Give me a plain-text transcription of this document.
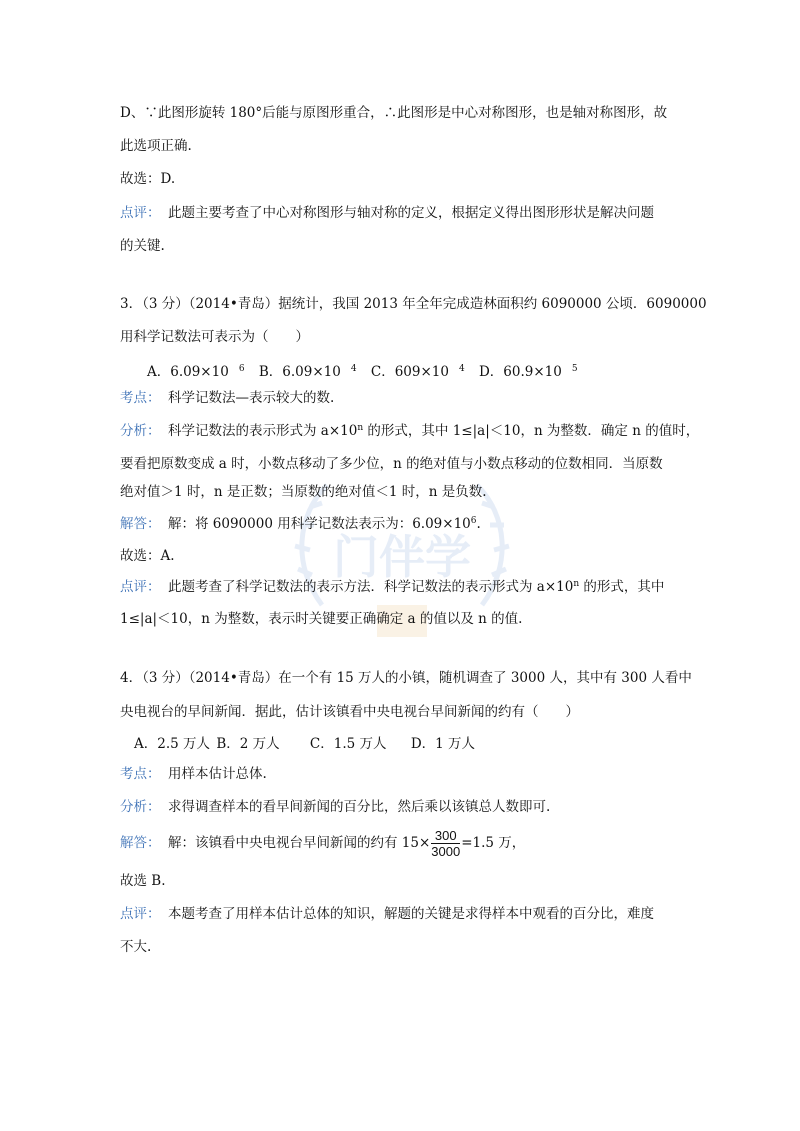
门伴学
D、∵此图形旋转 180°后能与原图形重合，∴此图形是中心对称图形，也是轴对称图形，故
此选项正确.
故选：D.
点评： 此题主要考查了中心对称图形与轴对称的定义，根据定义得出图形形状是解决问题
的关键.
3．（3 分）（2014•青岛）据统计，我国 2013 年全年完成造林面积约 6090000 公顷．6090000
用科学记数法可表示为（　　）
A．6.09×10 $^6$ B．6.09×10 $^4$ C．609×10 $^4$ D．60.9×10 $^5$
考点： 科学记数法—表示较大的数.
分析： 科学记数法的表示形式为 $a\times 10^n$ 的形式，其中 1≤|a|＜10，n 为整数．确定 n 的值时，
要看把原数变成 a 时，小数点移动了多少位，n 的绝对值与小数点移动的位数相同．当原数
绝对值＞1 时，n 是正数；当原数的绝对值＜1 时，n 是负数.
解答： 解：将 6090000 用科学记数法表示为：$6.09\times 10^6$.
故选：A.
点评： 此题考查了科学记数法的表示方法．科学记数法的表示形式为 $a\times 10^n$ 的形式，其中
1≤|a|＜10，n 为整数，表示时关键要正确确定 a 的值以及 n 的值.
4．（3 分）（2014•青岛）在一个有 15 万人的小镇，随机调查了 3000 人，其中有 300 人看中
央电视台的早间新闻．据此，估计该镇看中央电视台早间新闻的约有（　　）
A．2.5 万人 B．2 万人 C．1.5 万人 D．1 万人
考点： 用样本估计总体.
分析： 求得调查样本的看早间新闻的百分比，然后乘以该镇总人数即可.
解答： 解：该镇看中央电视台早间新闻的约有 $15\times \frac{300}{3000} =1.5$ 万，
故选 B.
点评： 本题考查了用样本估计总体的知识，解题的关键是求得样本中观看的百分比，难度
不大.
